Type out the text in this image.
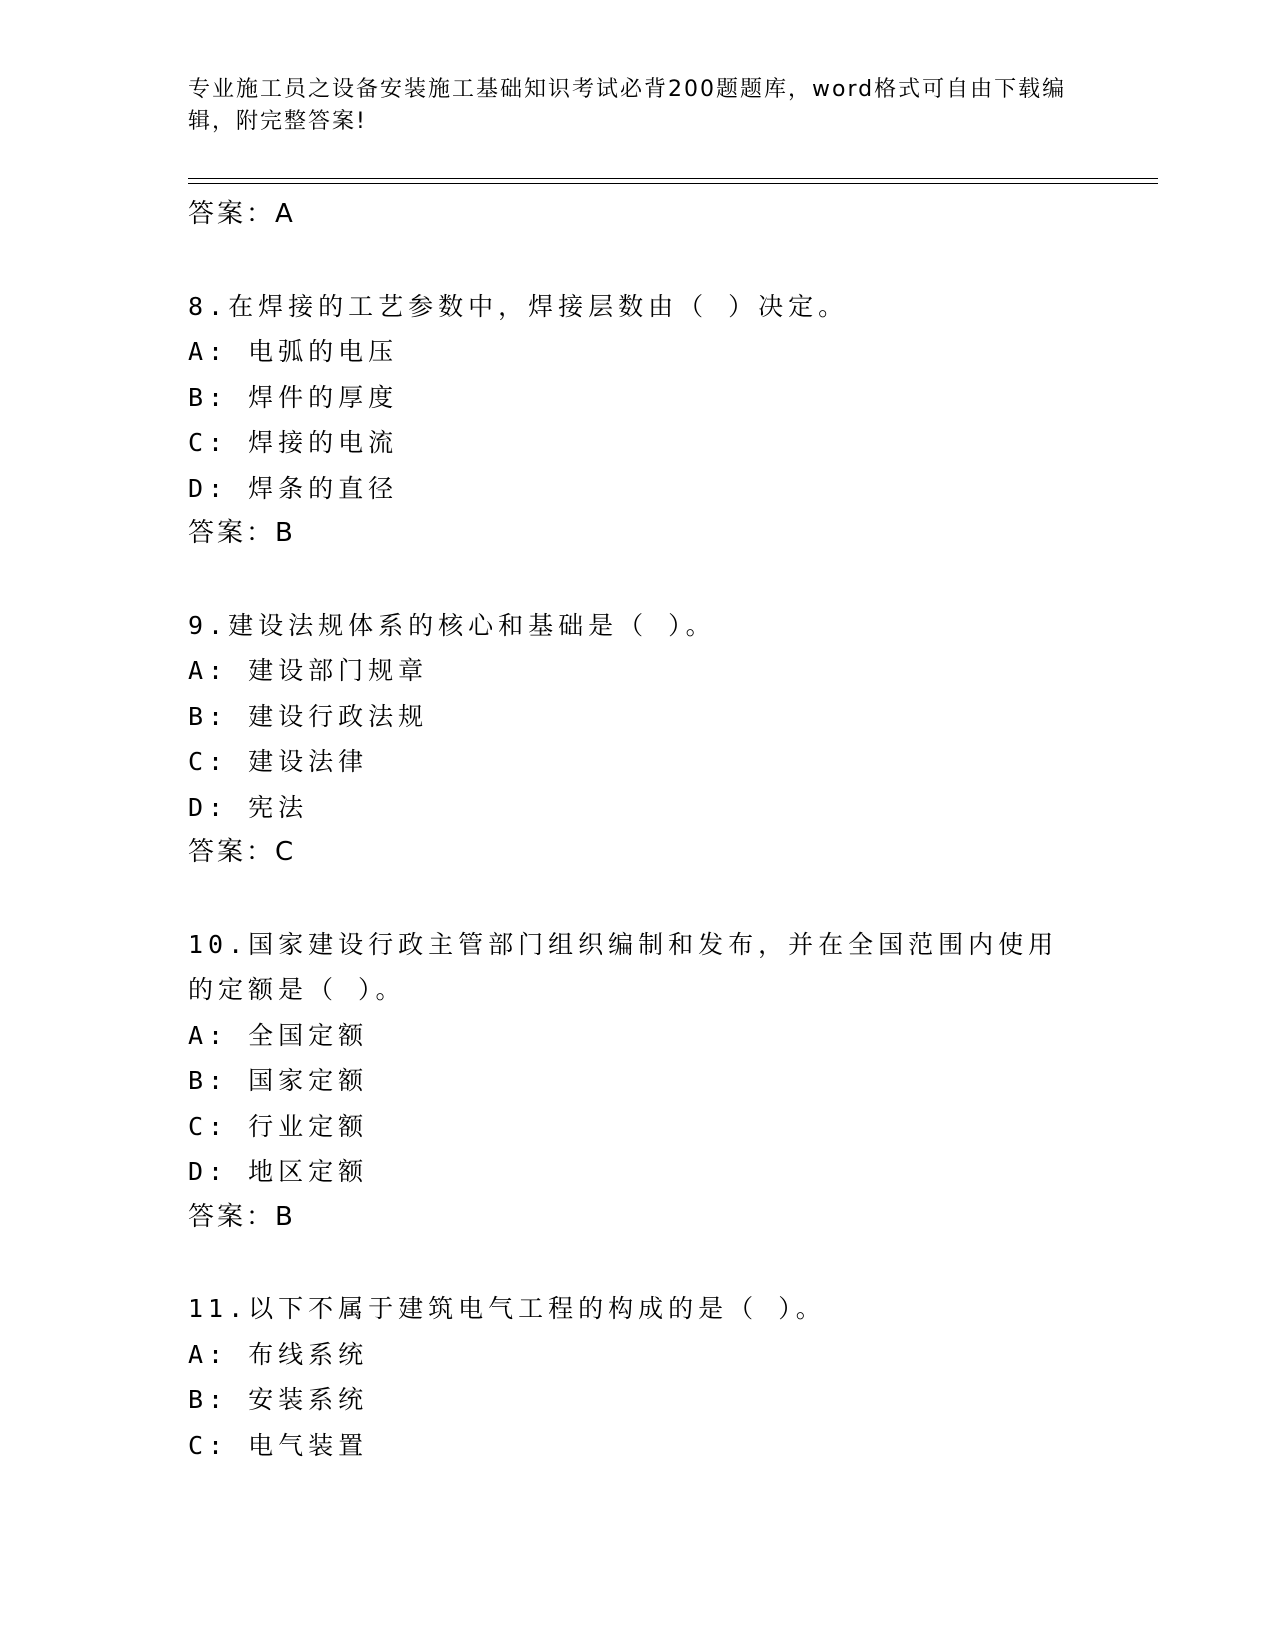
专业施工员之设备安装施工基础知识考试必背200题题库，word格式可自由下载编辑，附完整答案!
答案：A
8.在焊接的工艺参数中，焊接层数由（ ）决定。
A: 电弧的电压
B: 焊件的厚度
C: 焊接的电流
D: 焊条的直径
答案：B
9.建设法规体系的核心和基础是（ ）。
A: 建设部门规章
B: 建设行政法规
C: 建设法律
D: 宪法
答案：C
10.国家建设行政主管部门组织编制和发布，并在全国范围内使用的定额是（ ）。
A: 全国定额
B: 国家定额
C: 行业定额
D: 地区定额
答案：B
11.以下不属于建筑电气工程的构成的是（ ）。
A: 布线系统
B: 安装系统
C: 电气装置
